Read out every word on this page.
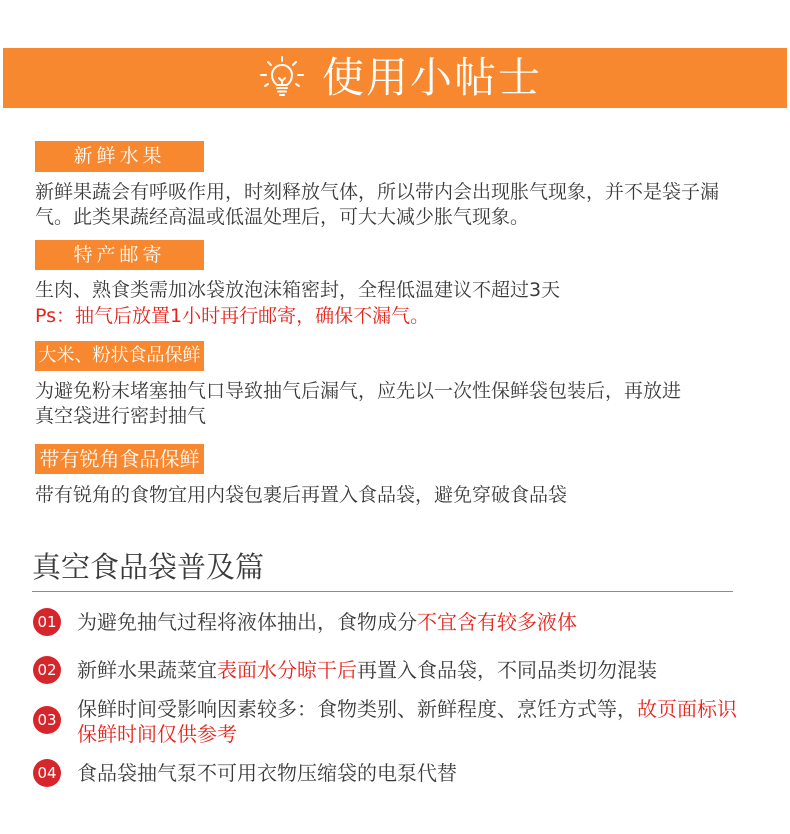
使用小帖士
新鲜水果
新鲜果蔬会有呼吸作用，时刻释放气体，所以带内会出现胀气现象，并不是袋子漏
气。此类果蔬经高温或低温处理后，可大大减少胀气现象。
特产邮寄
生肉、熟食类需加冰袋放泡沫箱密封，全程低温建议不超过3天
Ps：抽气后放置1小时再行邮寄，确保不漏气。
大米、粉状食品保鲜
为避免粉末堵塞抽气口导致抽气后漏气，应先以一次性保鲜袋包装后，再放进
真空袋进行密封抽气
带有锐角食品保鲜
带有锐角的食物宜用内袋包裹后再置入食品袋，避免穿破食品袋
真空食品袋普及篇
01 为避免抽气过程将液体抽出，食物成分不宜含有较多液体
02 新鲜水果蔬菜宜表面水分晾干后再置入食品袋，不同品类切勿混装
03 保鲜时间受影响因素较多：食物类别、新鲜程度、烹饪方式等，故页面标识
保鲜时间仅供参考
04 食品袋抽气泵不可用衣物压缩袋的电泵代替
